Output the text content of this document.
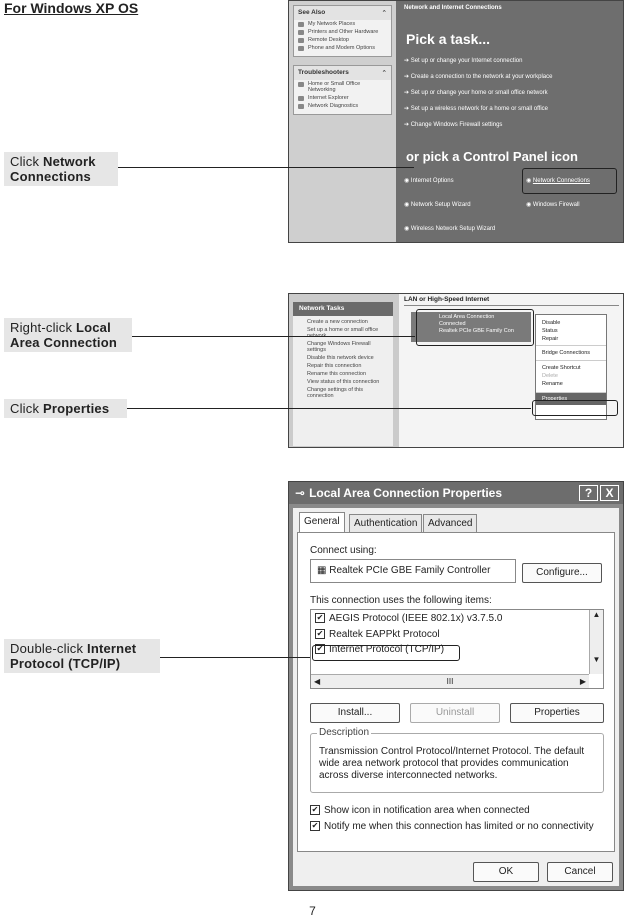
For Windows XP OS	See Also	⌃
My Network Places
Printers and Other Hardware
Remote Desktop
Phone and Modem Options
Troubleshooters	⌃
Home or Small Office Networking
Internet Explorer
Network Diagnostics
Network and Internet Connections
Pick a task...
➔ Set up or change your Internet connection
➔ Create a connection to the network at your workplace
➔ Set up or change your home or small office network
➔ Set up a wireless network for a home or small office
➔ Change Windows Firewall settings
or pick a Control Panel icon
◉ Internet Options	◉ Network Connections
◉ Network Setup Wizard	◉ Windows Firewall
◉ Wireless Network Setup Wizard
Click Network Connections
Network Tasks
Create a new connection
Set up a home or small office
Change Windows Firewall settings
Disable this network device
Repair this connection
Rename this connection
View status of this connection
Change settings of this connection
LAN or High-Speed Internet
Local Area Connection
Connected
Realtek PCIe GBE Family Con
Disable
Status
Repair
Bridge Connections
Create Shortcut
Delete
Rename
Properties
Right-click Local Area Connection
Click Properties
⊸ Local Area Connection Properties	?	X
General	Authentication	Advanced
Connect using:
▦ Realtek PCIe GBE Family Controller	Configure...
This connection uses the following items:
✔ AEGIS Protocol (IEEE 802.1x) v3.7.5.0
✔ Realtek EAPPkt Protocol
✔ Internet Protocol (TCP/IP)
▲
▼
◀	III	▶
Install...	Uninstall	Properties
Description
Transmission Control Protocol/Internet Protocol. The default wide area network protocol that provides communication across diverse interconnected networks.
✔ Show icon in notification area when connected
✔ Notify me when this connection has limited or no connectivity
OK	Cancel
Double-click Internet Protocol (TCP/IP)
7
